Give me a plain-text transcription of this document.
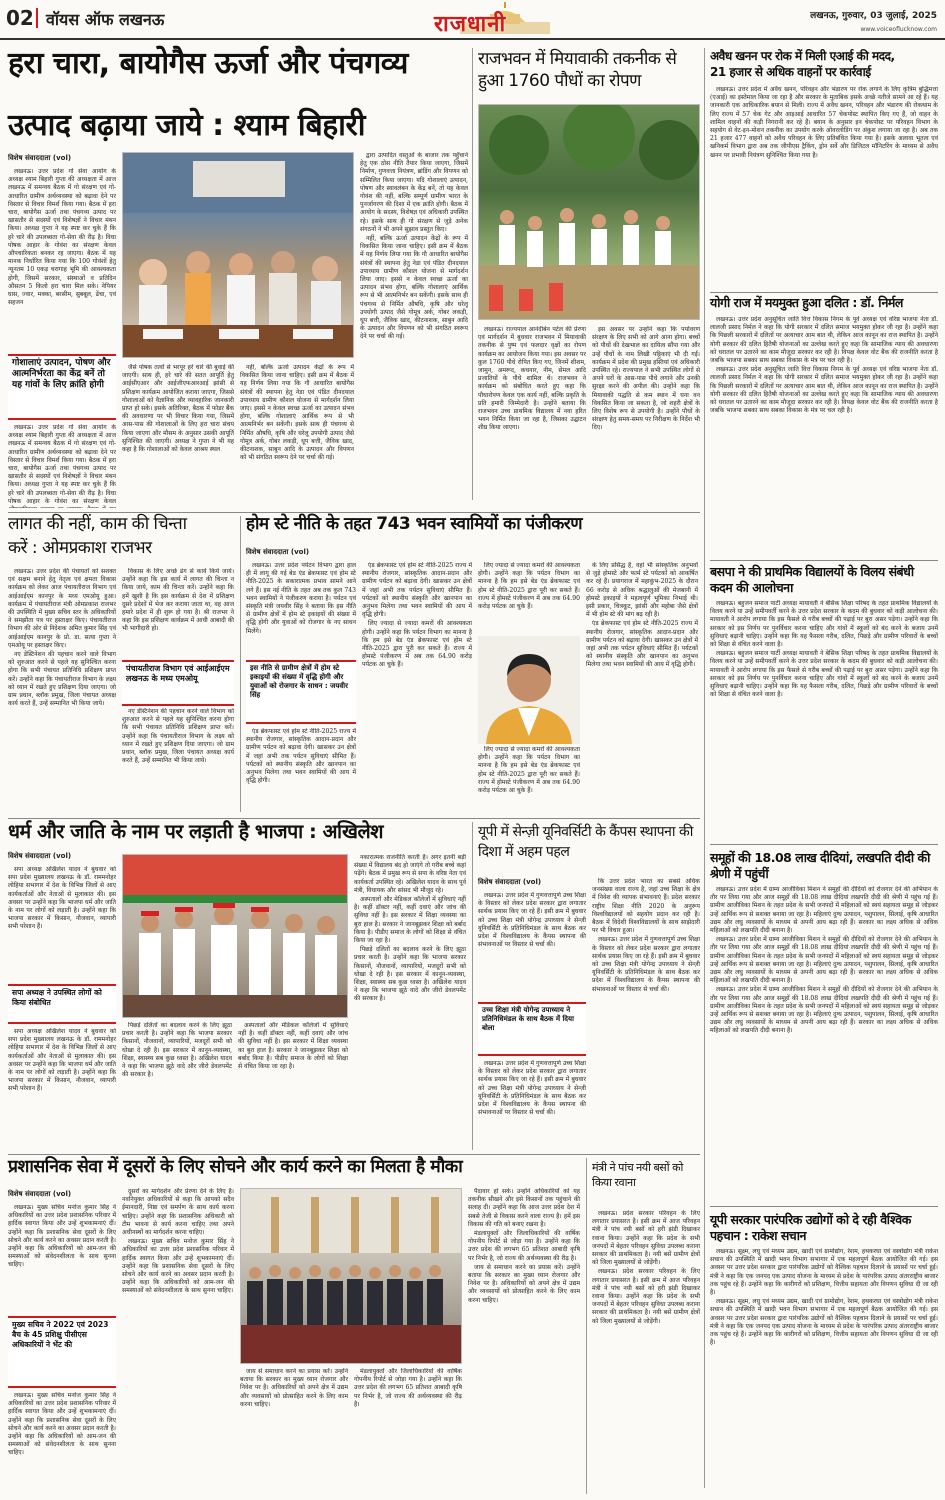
02 वॉयस ऑफ लखनऊ	राजधानी	लखनऊ, गुरुवार, 03 जुलाई, 2025
www.voiceoflucknow.com
हरा चारा, बायोगैस ऊर्जा और पंचगव्य
उत्पाद बढ़ाया जाये : श्याम बिहारी
विशेष संवाददाता (vol)

लखनऊ। उत्तर प्रदेश गो सेवा आयोग के अध्यक्ष श्याम बिहारी गुप्ता की अध्यक्षता में आज लखनऊ में समन्वय बैठक में गो संरक्षण एवं गो-आधारित ग्रामीण अर्थव्यवस्था को बढ़ावा देने पर विस्तार से विचार विमर्श किया गया। बैठक में हरा चारा, बायोगैस ऊर्जा तथा पंचगव्य उत्पाद पर खासतौर से सदस्यों एवं विशेषज्ञों ने विचार मंथन किया। अध्यक्ष गुप्ता ने यह स्पष्ट कर चुके हैं कि हरे चारे की उपलब्धता गो-सेवा की रीढ़ है। विधा पोषक आहार के गोवंश का संरक्षण केवल औपचारिकता बनकर रह जाएगा। बैठक में यह मानक निर्धारित किया गया कि 100 गोवंशों हेतु न्यूनतम 10 एकड़ चरागाह भूमि की आवश्यकता होगी, जिसमें सरकार, संस्थाओं व प्रतिदिन औसतन 5 किलो हरा चारा मिल सके। नेपियर घास, ज्वार, मक्का, बरसीम, सुबबूल, ढेंचा, एवं सहजन

गोशालाएं उत्पादन, पोषण और आत्मनिर्भरता का केंद्र बनें तो यह गांवों के लिए क्रांति होगी

लखनऊ। उत्तर प्रदेश गो सेवा आयोग के अध्यक्ष श्याम बिहारी गुप्ता की अध्यक्षता में आज लखनऊ में समन्वय बैठक में गो संरक्षण एवं गो-आधारित ग्रामीण अर्थव्यवस्था को बढ़ावा देने पर विस्तार से विचार विमर्श किया गया। बैठक में हरा चारा, बायोगैस ऊर्जा तथा पंचगव्य उत्पाद पर खासतौर से सदस्यों एवं विशेषज्ञों ने विचार मंथन किया। अध्यक्ष गुप्ता ने यह स्पष्ट कर चुके हैं कि हरे चारे की उपलब्धता गो-सेवा की रीढ़ है। विधा पोषक आहार के गोवंश का संरक्षण केवल

जैसे पोषक तत्वों से भरपूर हरे चारे की बुवाई की जाएगी। साथ ही, हरे चारे की सतत आपूर्ति हेतु आईसीएआर और आईजीएफआरआई झांसी से प्रशिक्षण कार्यक्रम आयोजित कराया जाएगा, जिससे गोशालाओं को वैज्ञानिक और व्यावहारिक जानकारी प्राप्त हो सके। इसके अतिरिक्त, बैठक में फोडर बैंक की अवधारणा पर भी विचार किया गया, जिसमें आस-पास की गोशालाओं के लिए हरा चारा संचय किया जाएगा और मौसम के अनुसार उसकी आपूर्ति सुनिश्चित की जाएगी। अध्यक्ष ने गुप्ता ने भी यह कहा है कि गोशालाओं को केवल आश्रय स्थल

नहीं, बल्कि ऊर्जा उत्पादन केंद्रों के रूप में विकसित किया जाना चाहिए। इसी क्रम में बैठक में यह निर्णय लिया गया कि गौ आधारित बायोगैस संयंत्रों की स्थापना हेतु नेडा एवं पंडित दीनदयाल उपाध्याय ग्रामीण कौशल योजना से मार्गदर्शन लिया जाए। इससे न केवल स्वच्छ ऊर्जा का उत्पादन संभव होगा, बल्कि गोशालाएं आर्थिक रूप से भी आत्मनिर्भर बन सकेंगी। इसके साथ ही पंचगव्य से निर्मित औषधि, कृषि और घरेलू उपयोगी उत्पाद जैसे गोमूत्र अर्क, गोबर लकड़ी, धूप बत्ती, जैविक खाद, कीटनाशक, साबुन आदि के उत्पादन और विपणन को भी संगठित स्वरूप देने पर चर्चा की गई।

द्वारा उत्पादित वस्तुओं के बाजार तक पहुँचाने हेतु एक ठोस नीति तैयार किया जाएगा, जिसमें निर्माण, गुणवत्ता नियंत्रण, ब्रांडिंग और विपणन को सम्मिलित किया जाएगा। यदि गोशालाएं उत्पादन, पोषण और स्वावलंबन के केंद्र बनें, तो यह केवल गोवंश की नहीं, बल्कि सम्पूर्ण ग्रामीण भारत के पुनर्जागरण की दिशा में एक क्रांति होगी। बैठक में आयोग के सदस्य, विशेषज्ञ एवं अधिकारी उपस्थित रहे। इसके साथ ही गो संरक्षण से जुड़े अनेक संगठनों ने भी अपने सुझाव प्रस्तुत किए।

नहीं, बल्कि ऊर्जा उत्पादन केंद्रों के रूप में विकसित किया जाना चाहिए। इसी क्रम में बैठक में यह निर्णय लिया गया कि गौ आधारित बायोगैस संयंत्रों की स्थापना हेतु नेडा एवं पंडित दीनदयाल उपाध्याय ग्रामीण कौशल योजना से मार्गदर्शन लिया जाए। इससे न केवल स्वच्छ ऊर्जा का उत्पादन संभव होगा, बल्कि गोशालाएं आर्थिक रूप से भी आत्मनिर्भर बन सकेंगी। इसके साथ ही पंचगव्य से निर्मित औषधि, कृषि और घरेलू उपयोगी उत्पाद जैसे गोमूत्र अर्क, गोबर लकड़ी, धूप बत्ती, जैविक खाद, कीटनाशक, साबुन आदि के उत्पादन और विपणन को भी संगठित स्वरूप देने पर चर्चा की गई।

राजभवन में मियावाकी तकनीक से हुआ 1760 पौधों का रोपण

लखनऊ। राज्यपाल आनंदीबेन पटेल की प्रेरणा एवं मार्गदर्शन में बुधवार राजभवन में मियावाकी तकनीक से पुष्प एवं फलदार वृक्षों का रोपण कार्यक्रम का आयोजन किया गया। इस अवसर पर कुल 1760 पौधे रोपित किए गए, जिनमें शीशम, जामुन, अमरूद, कचनार, नीम, सेमल आदि प्रजातियों के पौधे शामिल थे। राजभवन ने कार्यक्रम को संबोधित करते हुए कहा कि पौधारोपण केवल एक कार्य नहीं, बल्कि प्रकृति के प्रति हमारी जिम्मेदारी है। उन्होंने बताया कि राजभवन उच्च प्राथमिक विद्यालय में नवा हरित भवन निर्मित किया जा रहा है, जिसका उद्घाटन शीघ्र किया जाएगा।

इस अवसर पर उन्होंने कहा कि पर्यावरण संरक्षण के लिए सभी को आगे आना होगा। बच्चों को पौधों की देखभाल का दायित्व सौंपा गया और उन्हें पौधों के नाम लिखी पट्टिकाएं भी दी गईं। कार्यक्रम में प्रदेश की प्रमुख हस्तियां एवं अधिकारी उपस्थित रहे। राज्यपाल ने सभी उपस्थित लोगों से अपने घरों के आस-पास पौधे लगाने और उनकी सुरक्षा करने की अपील की। उन्होंने कहा कि मियावाकी पद्धति से कम स्थान में घना वन विकसित किया जा सकता है, जो शहरी क्षेत्रों के लिए विशेष रूप से उपयोगी है। उन्होंने पौधों के संरक्षण हेतु समय-समय पर निरीक्षण के निर्देश भी दिए।

अवैध खनन पर रोक में मिली एआई की मदद,
21 हजार से अधिक वाहनों पर कार्रवाई

लखनऊ। उत्तर प्रदेश में अवैध खनन, परिवहन और भंडारण पर रोक लगाने के लिए कृत्रिम बुद्धिमत्ता (एआई) का इस्तेमाल किया जा रहा है और सरकार के मुताबिक इसके अच्छे नतीजे सामने आ रहे हैं। यह जानकारी एक आधिकारिक बयान से मिली। राज्य में अवैध खनन, परिवहन और भंडारण की रोकथाम के लिए राज्य में 57 चेक गेट और आइआई आधारित 57 चेकपोस्ट स्थापित किए गए हैं, जो वाहन के शामिल वाहनों की कड़ी निगरानी कर रहे हैं। बयान के अनुसार इन चेकपोस्ट पर परिवहन विभाग के सहयोग से वेट-इन-मोशन तकनीक का उपयोग करके ओवरलोडिंग पर अंकुश लगाया जा रहा है। अब तक 21 हजार 477 वाहनों को अवैध परिवहन के लिए प्रतिबंधित किया गया है। इसके अलावा भूतत्व एवं खनिकर्म विभाग द्वारा अब तक जीपीएस ट्रैकिंग, ड्रोन सर्वे और डिजिटल मॉनिटरिंग के माध्यम से अवैध खनन पर प्रभावी नियंत्रण सुनिश्चित किया गया है।

योगी राज में मयमुक्त हुआ दलित : डॉ. निर्मल

लखनऊ। उत्तर प्रदेश अनुसूचित जाति वित्त विकास निगम के पूर्व अध्यक्ष एवं वरिष्ठ भाजपा नेता डॉ. लालजी प्रसाद निर्मल ने कहा कि योगी सरकार में दलित समाज भयमुक्त होकर जी रहा है। उन्होंने कहा कि पिछली सरकारों में दलितों पर अत्याचार आम बात थी, लेकिन आज कानून का राज स्थापित है। उन्होंने योगी सरकार की दलित हितैषी योजनाओं का उल्लेख करते हुए कहा कि सामाजिक न्याय की अवधारणा को धरातल पर उतारने का काम मौजूदा सरकार कर रही है। विपक्ष केवल वोट बैंक की राजनीति करता है जबकि भाजपा सबका साथ सबका विकास के मंत्र पर चल रही है।

लखनऊ। उत्तर प्रदेश अनुसूचित जाति वित्त विकास निगम के पूर्व अध्यक्ष एवं वरिष्ठ भाजपा नेता डॉ. लालजी प्रसाद निर्मल ने कहा कि योगी सरकार में दलित समाज भयमुक्त होकर जी रहा है। उन्होंने कहा कि पिछली सरकारों में दलितों पर अत्याचार आम बात थी, लेकिन आज कानून का राज स्थापित है। उन्होंने योगी सरकार की दलित हितैषी योजनाओं का उल्लेख करते हुए कहा कि सामाजिक न्याय की अवधारणा को धरातल पर उतारने का काम मौजूदा सरकार कर रही है। विपक्ष केवल वोट बैंक की राजनीति करता है जबकि भाजपा सबका साथ सबका विकास के मंत्र पर चल रही है।

बसपा ने की प्राथमिक विद्यालयों के विलय संबंधी कदम की आलोचना

लखनऊ। बहुजन समाज पार्टी अध्यक्ष मायावती ने बेसिक शिक्षा परिषद के तहत प्राथमिक विद्यालयों के विलय करने या उन्हें समीपवर्ती करने के उत्तर प्रदेश सरकार के कदम की बुधवार को कड़ी आलोचना की। मायावती ने आरोप लगाया कि इस फैसले से गरीब बच्चों की पढ़ाई पर बुरा असर पड़ेगा। उन्होंने कहा कि सरकार को इस निर्णय पर पुनर्विचार करना चाहिए और गांवों में स्कूलों को बंद करने के बजाय उनमें सुविधाएं बढ़ानी चाहिए। उन्होंने कहा कि यह फैसला गरीब, दलित, पिछड़े और ग्रामीण परिवारों के बच्चों को शिक्षा से वंचित करने वाला है।

लखनऊ। बहुजन समाज पार्टी अध्यक्ष मायावती ने बेसिक शिक्षा परिषद के तहत प्राथमिक विद्यालयों के विलय करने या उन्हें समीपवर्ती करने के उत्तर प्रदेश सरकार के कदम की बुधवार को कड़ी आलोचना की। मायावती ने आरोप लगाया कि इस फैसले से गरीब बच्चों की पढ़ाई पर बुरा असर पड़ेगा। उन्होंने कहा कि सरकार को इस निर्णय पर पुनर्विचार करना चाहिए और गांवों में स्कूलों को बंद करने के बजाय उनमें सुविधाएं बढ़ानी चाहिए। उन्होंने कहा कि यह फैसला गरीब, दलित, पिछड़े और ग्रामीण परिवारों के बच्चों को शिक्षा से वंचित करने वाला है।

समूहों की 18.08 लाख दीदियां, लखपति दीदी की श्रेणी में पहुंचीं

लखनऊ। उत्तर प्रदेश में ग्राम्य आजीविका मिशन ने समूहों की दीदियों को रोजगार देने की अभियान के तौर पर लिया गया और आज समूहों की 18.08 लाख दीदियां लखपति दीदी की श्रेणी में पहुंच गई हैं। ग्रामीण आजीविका मिशन के तहत प्रदेश के सभी जनपदों में महिलाओं को स्वयं सहायता समूह से जोड़कर उन्हें आर्थिक रूप से सशक्त बनाया जा रहा है। महिलाएं दुग्ध उत्पादन, पशुपालन, सिलाई, कृषि आधारित उद्यम और लघु व्यवसायों के माध्यम से अपनी आय बढ़ा रही हैं। सरकार का लक्ष्य अधिक से अधिक महिलाओं को लखपति दीदी बनाना है।

लखनऊ। उत्तर प्रदेश में ग्राम्य आजीविका मिशन ने समूहों की दीदियों को रोजगार देने की अभियान के तौर पर लिया गया और आज समूहों की 18.08 लाख दीदियां लखपति दीदी की श्रेणी में पहुंच गई हैं। ग्रामीण आजीविका मिशन के तहत प्रदेश के सभी जनपदों में महिलाओं को स्वयं सहायता समूह से जोड़कर उन्हें आर्थिक रूप से सशक्त बनाया जा रहा है। महिलाएं दुग्ध उत्पादन, पशुपालन, सिलाई, कृषि आधारित उद्यम और लघु व्यवसायों के माध्यम से अपनी आय बढ़ा रही हैं। सरकार का लक्ष्य अधिक से अधिक महिलाओं को लखपति दीदी बनाना है।

लखनऊ। उत्तर प्रदेश में ग्राम्य आजीविका मिशन ने समूहों की दीदियों को रोजगार देने की अभियान के तौर पर लिया गया और आज समूहों की 18.08 लाख दीदियां लखपति दीदी की श्रेणी में पहुंच गई हैं। ग्रामीण आजीविका मिशन के तहत प्रदेश के सभी जनपदों में महिलाओं को स्वयं सहायता समूह से जोड़कर उन्हें आर्थिक रूप से सशक्त बनाया जा रहा है। महिलाएं दुग्ध उत्पादन, पशुपालन, सिलाई, कृषि आधारित उद्यम और लघु व्यवसायों के माध्यम से अपनी आय बढ़ा रही हैं। सरकार का लक्ष्य अधिक से अधिक महिलाओं को लखपति दीदी बनाना है।

यूपी सरकार पारंपरिक उद्योगों को दे रही वैश्विक पहचान : राकेश सचान

लखनऊ। सूक्ष्म, लघु एवं मध्यम उद्यम, खादी एवं ग्रामोद्योग, रेशम, हथकरघा एवं वस्त्रोद्योग मंत्री राकेश सचान की उपस्थिति में खादी भवन विभाग सभागार में एक महत्वपूर्ण बैठक आयोजित की गई। इस अवसर पर उत्तर प्रदेश सरकार द्वारा पारंपरिक उद्योगों को वैश्विक पहचान दिलाने के प्रयासों पर चर्चा हुई। मंत्री ने कहा कि एक जनपद एक उत्पाद योजना के माध्यम से प्रदेश के पारंपरिक उत्पाद अंतरराष्ट्रीय बाजार तक पहुंच रहे हैं। उन्होंने कहा कि कारीगरों को प्रशिक्षण, वित्तीय सहायता और विपणन सुविधा दी जा रही है।

लखनऊ। सूक्ष्म, लघु एवं मध्यम उद्यम, खादी एवं ग्रामोद्योग, रेशम, हथकरघा एवं वस्त्रोद्योग मंत्री राकेश सचान की उपस्थिति में खादी भवन विभाग सभागार में एक महत्वपूर्ण बैठक आयोजित की गई। इस अवसर पर उत्तर प्रदेश सरकार द्वारा पारंपरिक उद्योगों को वैश्विक पहचान दिलाने के प्रयासों पर चर्चा हुई। मंत्री ने कहा कि एक जनपद एक उत्पाद योजना के माध्यम से प्रदेश के पारंपरिक उत्पाद अंतरराष्ट्रीय बाजार तक पहुंच रहे हैं। उन्होंने कहा कि कारीगरों को प्रशिक्षण, वित्तीय सहायता और विपणन सुविधा दी जा रही है।

लागत की नहीं, काम की चिन्ता
करें : ओमप्रकाश राजभर

लखनऊ। उत्तर प्रदेश की पंचायतों को सशक्त एवं सक्षम बनाने हेतु नेतृत्व एवं क्षमता विकास कार्यक्रम को लेकर आज पंचायतीराज विभाग एवं आईआईएम कानपुर के मध्य एमओयू हुआ। कार्यक्रम में पंचायतीराज मंत्री ओमप्रकाश राजभर की उपस्थिति में मुख्य सचिव स्तर के अधिकारियों ने समझौता पत्र पर हस्ताक्षर किए। पंचायतीराज विभाग की ओर से निदेशक अमित कुमार सिंह एवं आईआईएम कानपुर के प्रो. डा. सत्या गुप्ता ने एमओयू पर हस्ताक्षर किए।

नए डेस्टिनेशन की पहचान करने वाले विभाग को शुरुआत करने से पहले यह सुनिश्चित करना होगा कि सभी पंचायत प्रतिनिधि प्रशिक्षण प्राप्त करें। उन्होंने कहा कि पंचायतीराज विभाग के लक्ष्य को ध्यान में रखते हुए प्रशिक्षण दिया जाएगा। जो ग्राम प्रधान, ब्लॉक प्रमुख, जिला पंचायत अध्यक्ष कार्य करते हैं, उन्हें सम्मानित भी किया जाये।

विकास के लिए अच्छे ढंग से कार्य किये जाये। उन्होंने कहा कि इस कार्य में लागत की चिन्ता न किया जाये, काम की चिन्ता करें। उन्होंने कहा कि हमें खुशी है कि इस कार्यक्रम से देश में प्रशिक्षण दूसरे प्रदेशों में भेज कर कराया जाता था, वह आज हमारे प्रदेश में ही शुरू हो गया है। श्री राजभर ने कहा कि इस प्रशिक्षण कार्यक्रम में आधी आबादी की भी भागीदारी हो।

पंचायतीराज विभाग एवं आईआईएम लखनऊ के मध्य एमओयू

नए डेस्टिनेशन की पहचान करने वाले विभाग को शुरुआत करने से पहले यह सुनिश्चित करना होगा कि सभी पंचायत प्रतिनिधि प्रशिक्षण प्राप्त करें। उन्होंने कहा कि पंचायतीराज विभाग के लक्ष्य को ध्यान में रखते हुए प्रशिक्षण दिया जाएगा। जो ग्राम प्रधान, ब्लॉक प्रमुख, जिला पंचायत अध्यक्ष कार्य करते हैं, उन्हें सम्मानित भी किया जाये।

होम स्टे नीति के तहत 743 भवन स्वामियों का पंजीकरण
विशेष संवाददाता (vol)

लखनऊ। उत्तर प्रदेश पर्यटन विभाग द्वारा हाल ही में लागू की गई बेड एंड ब्रेकफास्ट एवं होम स्टे नीति-2025 के सकारात्मक प्रभाव सामने आने लगे हैं। इस नई नीति के तहत अब तक कुल 743 भवन स्वामियों ने पंजीकरण कराया है। पर्यटन एवं संस्कृति मंत्री जयवीर सिंह ने बताया कि इस नीति से ग्रामीण क्षेत्रों में होम स्टे इकाइयों की संख्या में वृद्धि होगी और युवाओं को रोजगार के नए साधन मिलेंगे।

इस नीति से ग्रामीण क्षेत्रों में होम स्टे इकाइयों की संख्या में वृद्धि होगी और युवाओं को रोजगार के साधन : जयवीर सिंह

एंड ब्रेकफास्ट एवं होम स्टे नीति-2025 राज्य में स्थानीय रोजगार, सांस्कृतिक आदान-प्रदान और ग्रामीण पर्यटन को बढ़ावा देगी। खासकर उन क्षेत्रों में जहां अभी तक पर्यटन सुविधाएं सीमित हैं। पर्यटकों को स्थानीय संस्कृति और खानपान का अनुभव मिलेगा तथा भवन स्वामियों की आय में वृद्धि होगी।

एंड ब्रेकफास्ट एवं होम स्टे नीति-2025 राज्य में स्थानीय रोजगार, सांस्कृतिक आदान-प्रदान और ग्रामीण पर्यटन को बढ़ावा देगी। खासकर उन क्षेत्रों में जहां अभी तक पर्यटन सुविधाएं सीमित हैं। पर्यटकों को स्थानीय संस्कृति और खानपान का अनुभव मिलेगा तथा भवन स्वामियों की आय में वृद्धि होगी।

लिए ज्यादा से ज्यादा कमरों की आवश्यकता होगी। उन्होंने कहा कि पर्यटन विभाग का मानना है कि हम इसे बेड एंड ब्रेकफास्ट एवं होम स्टे नीति-2025 द्वारा पूरी कर सकते हैं। राज्य में होमस्टे पंजीकरण में अब तक 64.90 करोड़ पर्यटक आ चुके हैं।

लिए ज्यादा से ज्यादा कमरों की आवश्यकता होगी। उन्होंने कहा कि पर्यटन विभाग का मानना है कि हम इसे बेड एंड ब्रेकफास्ट एवं होम स्टे नीति-2025 द्वारा पूरी कर सकते हैं। राज्य में होमस्टे पंजीकरण में अब तक 64.90 करोड़ पर्यटक आ चुके हैं।

लिए ज्यादा से ज्यादा कमरों की आवश्यकता होगी। उन्होंने कहा कि पर्यटन विभाग का मानना है कि हम इसे बेड एंड ब्रेकफास्ट एवं होम स्टे नीति-2025 द्वारा पूरी कर सकते हैं। राज्य में होमस्टे पंजीकरण में अब तक 64.90 करोड़ पर्यटक आ चुके हैं।

के लिए प्रसिद्ध है, वहां भी सांस्कृतिक अनुभवों से जुड़े होमस्टे और फार्म स्टे पर्यटकों को आकर्षित कर रहे हैं। प्रयागराज में महाकुंभ-2025 के दौरान 66 करोड़ से अधिक श्रद्धालुओं की मेजबानी में होमस्टे इकाइयों ने महत्वपूर्ण भूमिका निभाई थी। इसी प्रकार, चित्रकूट, झांसी और महोबा जैसे क्षेत्रों में भी होम स्टे की मांग बढ़ रही है।

एंड ब्रेकफास्ट एवं होम स्टे नीति-2025 राज्य में स्थानीय रोजगार, सांस्कृतिक आदान-प्रदान और ग्रामीण पर्यटन को बढ़ावा देगी। खासकर उन क्षेत्रों में जहां अभी तक पर्यटन सुविधाएं सीमित हैं। पर्यटकों को स्थानीय संस्कृति और खानपान का अनुभव मिलेगा तथा भवन स्वामियों की आय में वृद्धि होगी।

धर्म और जाति के नाम पर लड़ाती है भाजपा : अखिलेश
विशेष संवाददाता (vol)

सपा अध्यक्ष अखिलेश यादव ने बुधवार को सपा प्रदेश मुख्यालय लखनऊ के डॉ. राममनोहर लोहिया सभागार में देश के विभिन्न जिलों से आए कार्यकर्ताओं और नेताओं से मुलाकात की। इस अवसर पर उन्होंने कहा कि भाजपा धर्म और जाति के नाम पर लोगों को लड़ाती है। उन्होंने कहा कि भाजपा सरकार में किसान, नौजवान, व्यापारी सभी परेशान हैं।

सपा अध्यक्ष ने उपस्थित लोगों को किया संबोधित

सपा अध्यक्ष अखिलेश यादव ने बुधवार को सपा प्रदेश मुख्यालय लखनऊ के डॉ. राममनोहर लोहिया सभागार में देश के विभिन्न जिलों से आए कार्यकर्ताओं और नेताओं से मुलाकात की। इस अवसर पर उन्होंने कहा कि भाजपा धर्म और जाति के नाम पर लोगों को लड़ाती है। उन्होंने कहा कि भाजपा सरकार में किसान, नौजवान, व्यापारी सभी परेशान हैं।

पिछड़े दलितों का बदलाव करने के लिए झूठा प्रचार करती है। उन्होंने कहा कि भाजपा सरकार किसानों, नौजवानों, व्यापारियों, मजदूरों सभी को धोखा दे रही है। इस सरकार में कानून-व्यवस्था, शिक्षा, स्वास्थ्य सब कुछ ध्वस्त है। अखिलेश यादव ने कहा कि भाजपा झूठे वादे और जीरो डेवलपमेंट की सरकार है।

अस्पतालों और मेडिकल कॉलेजों में सुविधाएं नहीं है। कहीं डॉक्टर नहीं, कहीं दवाएं और जांच की सुविधा नहीं है। इस सरकार में शिक्षा व्यवस्था का बुरा हाल है। सरकार ने जानबूझकर शिक्षा को बर्बाद किया है। पीडीए समाज के लोगों को शिक्षा से वंचित किया जा रहा है।

नकारात्मक राजनीति करती है। अगर इतनी बड़ी संख्या में विद्यालय बंद हो जाएंगे तो गरीब बच्चे कहां पढ़ेंगे। बैठक में प्रमुख रूप से सपा के वरिष्ठ नेता एवं कार्यकर्ता उपस्थित रहे। अखिलेश यादव के साथ पूर्व मंत्री, विधायक और सांसद भी मौजूद रहे।

अस्पतालों और मेडिकल कॉलेजों में सुविधाएं नहीं है। कहीं डॉक्टर नहीं, कहीं दवाएं और जांच की सुविधा नहीं है। इस सरकार में शिक्षा व्यवस्था का बुरा हाल है। सरकार ने जानबूझकर शिक्षा को बर्बाद किया है। पीडीए समाज के लोगों को शिक्षा से वंचित किया जा रहा है।

पिछड़े दलितों का बदलाव करने के लिए झूठा प्रचार करती है। उन्होंने कहा कि भाजपा सरकार किसानों, नौजवानों, व्यापारियों, मजदूरों सभी को धोखा दे रही है। इस सरकार में कानून-व्यवस्था, शिक्षा, स्वास्थ्य सब कुछ ध्वस्त है। अखिलेश यादव ने कहा कि भाजपा झूठे वादे और जीरो डेवलपमेंट की सरकार है।

यूपी में सेन्ज़ी यूनिवर्सिटी के कैंपस स्थापना की दिशा में अहम पहल
विशेष संवाददाता (vol)

लखनऊ। उत्तर प्रदेश में गुणवत्तापूर्ण उच्च शिक्षा के विस्तार को लेकर प्रदेश सरकार द्वारा लगातार सार्थक प्रयास किए जा रहे हैं। इसी क्रम में बुधवार को उच्च शिक्षा मंत्री योगेन्द्र उपाध्याय ने सेन्ज़ी यूनिवर्सिटी के प्रतिनिधिमंडल के साथ बैठक कर प्रदेश में विश्वविद्यालय के कैंपस स्थापना की संभावनाओं पर विस्तार से चर्चा की।

उच्च शिक्षा मंत्री योगेन्द्र उपाध्याय ने प्रतिनिधिमंडल के साथ बैठक में दिया बोला

लखनऊ। उत्तर प्रदेश में गुणवत्तापूर्ण उच्च शिक्षा के विस्तार को लेकर प्रदेश सरकार द्वारा लगातार सार्थक प्रयास किए जा रहे हैं। इसी क्रम में बुधवार को उच्च शिक्षा मंत्री योगेन्द्र उपाध्याय ने सेन्ज़ी यूनिवर्सिटी के प्रतिनिधिमंडल के साथ बैठक कर प्रदेश में विश्वविद्यालय के कैंपस स्थापना की संभावनाओं पर विस्तार से चर्चा की।

कि उत्तर प्रदेश भारत का सबसे अधिक जनसंख्या वाला राज्य है, जहां उच्च शिक्षा के क्षेत्र में निवेश की व्यापक संभावनाएं हैं। प्रदेश सरकार राष्ट्रीय शिक्षा नीति 2020 के अनुरूप विश्वविद्यालयों को सहयोग प्रदान कर रही है। बैठक में विदेशी विश्वविद्यालयों के साथ साझेदारी पर भी विचार हुआ।

लखनऊ। उत्तर प्रदेश में गुणवत्तापूर्ण उच्च शिक्षा के विस्तार को लेकर प्रदेश सरकार द्वारा लगातार सार्थक प्रयास किए जा रहे हैं। इसी क्रम में बुधवार को उच्च शिक्षा मंत्री योगेन्द्र उपाध्याय ने सेन्ज़ी यूनिवर्सिटी के प्रतिनिधिमंडल के साथ बैठक कर प्रदेश में विश्वविद्यालय के कैंपस स्थापना की संभावनाओं पर विस्तार से चर्चा की।

प्रशासनिक सेवा में दूसरों के लिए सोचने और कार्य करने का मिलता है मौका
विशेष संवाददाता (vol)

लखनऊ। मुख्य सचिव मनोज कुमार सिंह ने अधिकारियों का उत्तर प्रदेश प्रशासनिक परिवार में हार्दिक स्वागत किया और उन्हें शुभकामनाएं दीं। उन्होंने कहा कि प्रशासनिक सेवा दूसरों के लिए सोचने और कार्य करने का अवसर प्रदान करती है। उन्होंने कहा कि अधिकारियों को आम-जन की समस्याओं को संवेदनशीलता के साथ सुनना चाहिए।

मुख्य सचिव ने 2022 एवं 2023 बैच के 45 प्रशिक्षु पीसीएस अधिकारियों ने भेंट की

लखनऊ। मुख्य सचिव मनोज कुमार सिंह ने अधिकारियों का उत्तर प्रदेश प्रशासनिक परिवार में हार्दिक स्वागत किया और उन्हें शुभकामनाएं दीं। उन्होंने कहा कि प्रशासनिक सेवा दूसरों के लिए सोचने और कार्य करने का अवसर प्रदान करती है। उन्होंने कहा कि अधिकारियों को आम-जन की समस्याओं को संवेदनशीलता के साथ सुनना चाहिए।

दूसरों का मार्गदर्शन और प्रेरणा देने के लिए है। नवनियुक्त अधिकारियों से कहा कि आपको सदैव ईमानदारी, निष्ठा एवं समर्पण के साथ कार्य करना चाहिए। उन्होंने कहा कि प्रशासनिक अधिकारी को टीम भावना से कार्य करना चाहिए तथा अपने अधीनस्थों का मार्गदर्शन करना चाहिए।

लखनऊ। मुख्य सचिव मनोज कुमार सिंह ने अधिकारियों का उत्तर प्रदेश प्रशासनिक परिवार में हार्दिक स्वागत किया और उन्हें शुभकामनाएं दीं। उन्होंने कहा कि प्रशासनिक सेवा दूसरों के लिए सोचने और कार्य करने का अवसर प्रदान करती है। उन्होंने कहा कि अधिकारियों को आम-जन की समस्याओं को संवेदनशीलता के साथ सुनना चाहिए।

जाय से समाधान करने का प्रयास करें। उन्होंने बताया कि सरकार का मुख्य ध्यान रोजगार और निवेश पर है। अधिकारियों को अपने क्षेत्र में उद्यम और व्यवसायों को प्रोत्साहित करने के लिए काम करना चाहिए।

मंडलायुक्तों और जिलाधिकारियों की वार्षिक गोपनीय रिपोर्ट से जोड़ा गया है। उन्होंने कहा कि उत्तर प्रदेश की लगभग 65 प्रतिशत आबादी कृषि पर निर्भर है, जो राज्य की अर्थव्यवस्था की रीढ़ है।

पैदावार हो सके। उन्होंने अधिकारियों को यह तकनीक सीखने और इसे किसानों तक पहुंचाने की सलाह दी। उन्होंने कहा कि आज उत्तर प्रदेश देश में सबसे तेजी से विकास करने वाला राज्य है। हमें इस विकास की गति को बनाए रखना है।

मंडलायुक्तों और जिलाधिकारियों की वार्षिक गोपनीय रिपोर्ट से जोड़ा गया है। उन्होंने कहा कि उत्तर प्रदेश की लगभग 65 प्रतिशत आबादी कृषि पर निर्भर है, जो राज्य की अर्थव्यवस्था की रीढ़ है।

जाय से समाधान करने का प्रयास करें। उन्होंने बताया कि सरकार का मुख्य ध्यान रोजगार और निवेश पर है। अधिकारियों को अपने क्षेत्र में उद्यम और व्यवसायों को प्रोत्साहित करने के लिए काम करना चाहिए।

मंत्री ने पांच नयी बसों को किया रवाना

लखनऊ। प्रदेश सरकार परिवहन के लिए लगातार प्रयासरत है। इसी क्रम में आज परिवहन मंत्री ने पांच नयी बसों को हरी झंडी दिखाकर रवाना किया। उन्होंने कहा कि प्रदेश के सभी जनपदों में बेहतर परिवहन सुविधा उपलब्ध कराना सरकार की प्राथमिकता है। नयी बसें ग्रामीण क्षेत्रों को जिला मुख्यालयों से जोड़ेंगी।

लखनऊ। प्रदेश सरकार परिवहन के लिए लगातार प्रयासरत है। इसी क्रम में आज परिवहन मंत्री ने पांच नयी बसों को हरी झंडी दिखाकर रवाना किया। उन्होंने कहा कि प्रदेश के सभी जनपदों में बेहतर परिवहन सुविधा उपलब्ध कराना सरकार की प्राथमिकता है। नयी बसें ग्रामीण क्षेत्रों को जिला मुख्यालयों से जोड़ेंगी।
